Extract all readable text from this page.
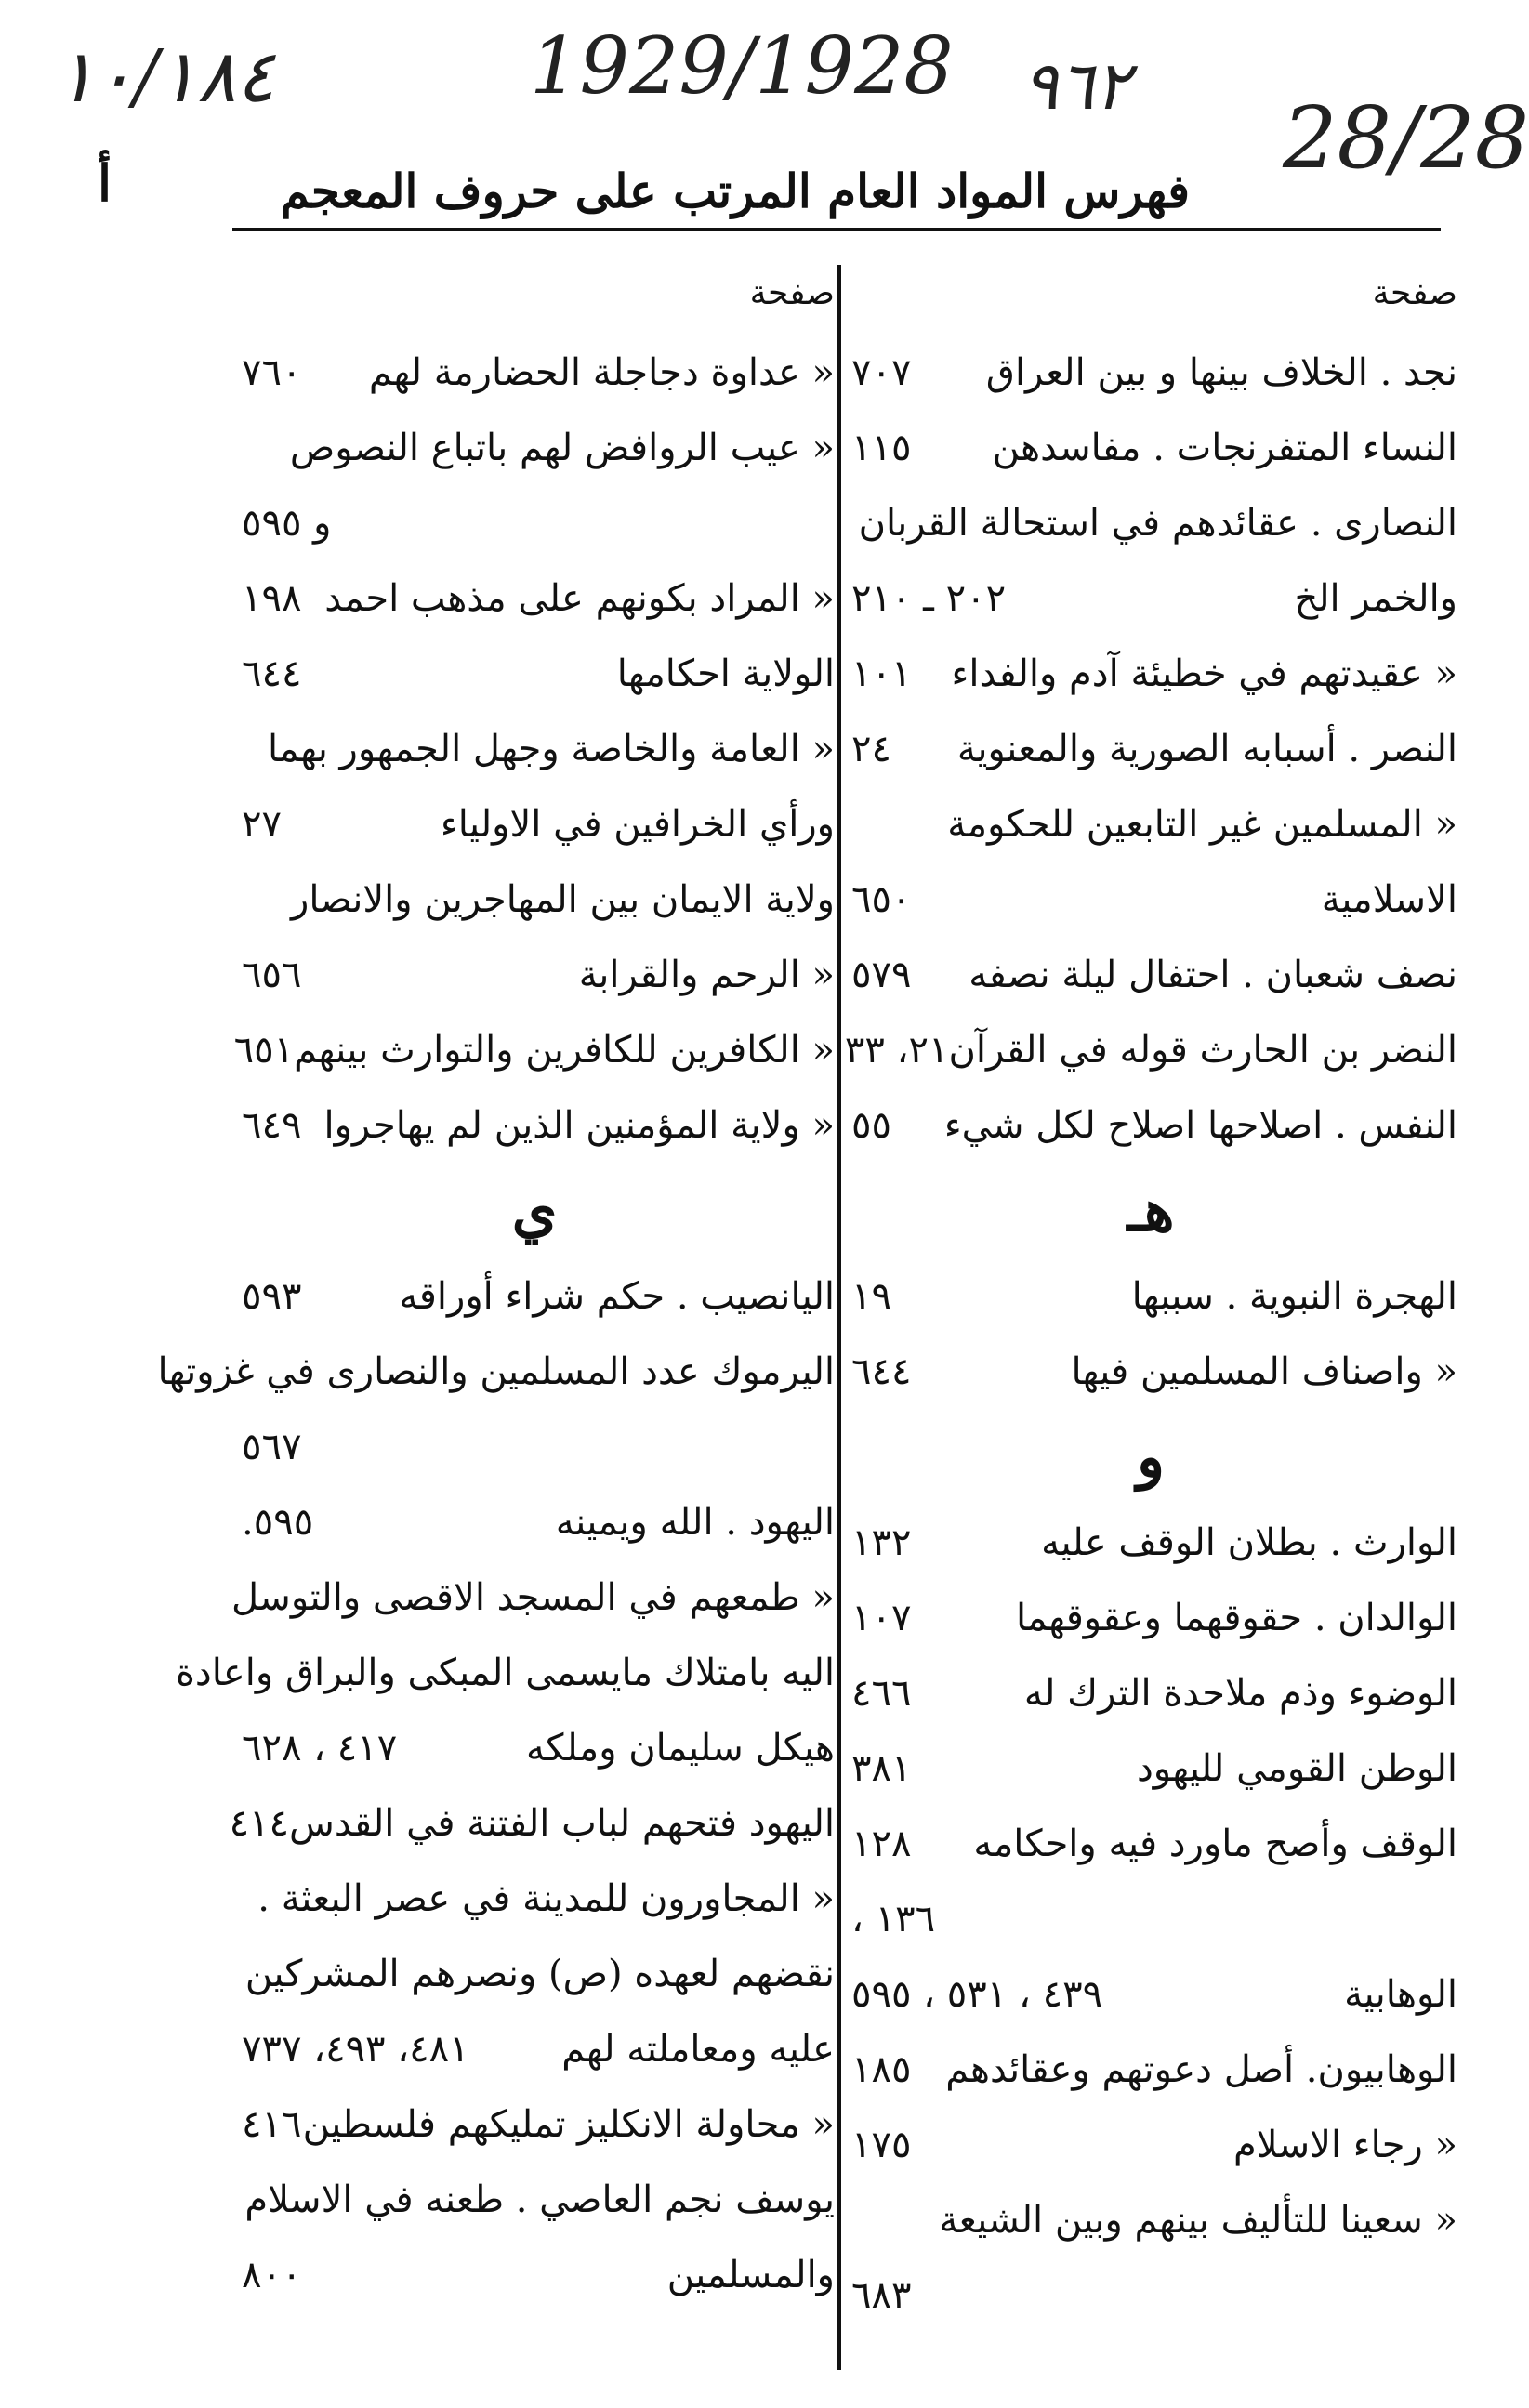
١٠/١٨٤	1929/1928 ٩٦٢
28/28
فهرس المواد العام المرتب على حروف المعجم
أ
صفحة
نجد . الخلاف بينها و بين العراق
٧٠٧
النساء المتفرنجات . مفاسدهن
١١٥
النصارى . عقائدهم في استحالة القربان
والخمر الخ
٢٠٢ ـ ٢١٠
« عقيدتهم في خطيئة آدم والفداء
١٠١
النصر . أسبابه الصورية والمعنوية
٢٤
« المسلمين غير التابعين للحكومة
الاسلامية
٦٥٠
نصف شعبان . احتفال ليلة نصفه
٥٧٩
النضر بن الحارث قوله في القرآن
٢١، ٣٣
النفس . اصلاحها اصلاح لكل شيء
٥٥
هـ
الهجرة النبوية . سببها
١٩
« واصناف المسلمين فيها
٦٤٤
و
الوارث . بطلان الوقف عليه
١٣٢
الوالدان . حقوقهما وعقوقهما
١٠٧
الوضوء وذم ملاحدة الترك له
٤٦٦
الوطن القومي لليهود
٣٨١
الوقف وأصح ماورد فيه واحكامه
١٢٨
١٣٦ ،
الوهابية
٤٣٩ ، ٥٣١ ، ٥٩٥
الوهابيون. أصل دعوتهم وعقائدهم
١٨٥
« رجاء الاسلام
١٧٥
« سعينا للتأليف بينهم وبين الشيعة
٦٨٣
صفحة
« عداوة دجاجلة الحضارمة لهم
٧٦٠
« عيب الروافض لهم باتباع النصوص
و ٥٩٥
« المراد بكونهم على مذهب احمد
١٩٨
الولاية احكامها
٦٤٤
« العامة والخاصة وجهل الجمهور بهما
ورأي الخرافين في الاولياء
٢٧
ولاية الايمان بين المهاجرين والانصار
« الرحم والقرابة
٦٥٦
« الكافرين للكافرين والتوارث بينهم
٦٥١
« ولاية المؤمنين الذين لم يهاجروا
٦٤٩
ي
اليانصيب . حكم شراء أوراقه
٥٩٣
اليرموك عدد المسلمين والنصارى في غزوتها
٥٦٧
اليهود . الله ويمينه
٥٩٥.
« طمعهم في المسجد الاقصى والتوسل
اليه بامتلاك مايسمى المبكى والبراق واعادة
هيكل سليمان وملكه
٤١٧ ، ٦٢٨
اليهود فتحهم لباب الفتنة في القدس
٤١٤
« المجاورون للمدينة في عصر البعثة .
نقضهم لعهده (ص) ونصرهم المشركين
عليه ومعاملته لهم
٤٨١، ٤٩٣، ٧٣٧
« محاولة الانكليز تمليكهم فلسطين
٤١٦
يوسف نجم العاصي . طعنه في الاسلام
والمسلمين
٨٠٠
